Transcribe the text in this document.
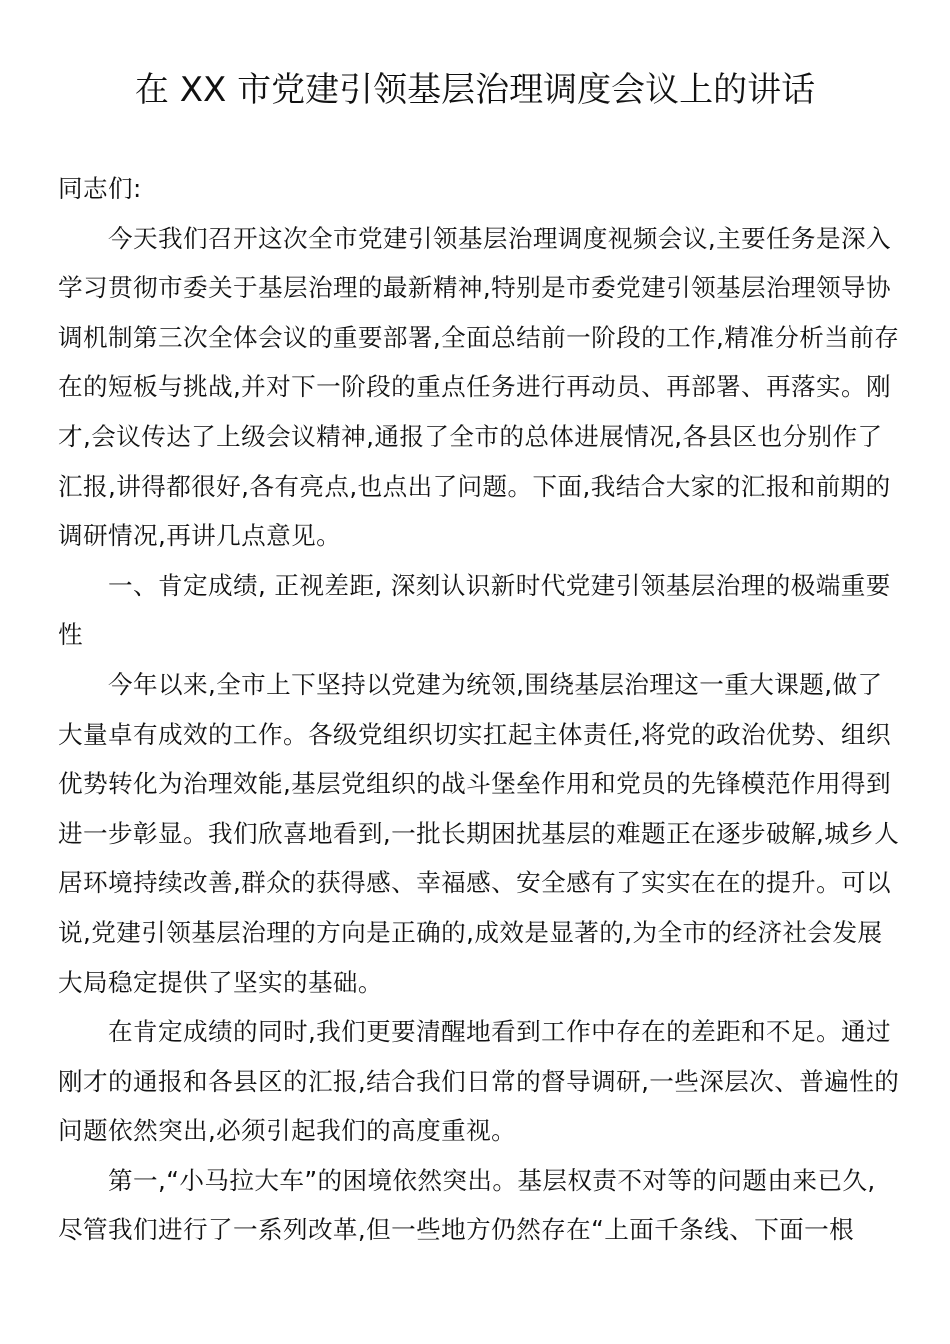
在 XX 市党建引领基层治理调度会议上的讲话
同志们:
今天我们召开这次全市党建引领基层治理调度视频会议,主要任务是深入
学习贯彻市委关于基层治理的最新精神,特别是市委党建引领基层治理领导协
调机制第三次全体会议的重要部署,全面总结前一阶段的工作,精准分析当前存
在的短板与挑战,并对下一阶段的重点任务进行再动员、再部署、再落实。刚
才,会议传达了上级会议精神,通报了全市的总体进展情况,各县区也分别作了
汇报,讲得都很好,各有亮点,也点出了问题。下面,我结合大家的汇报和前期的
调研情况,再讲几点意见。
一、肯定成绩, 正视差距, 深刻认识新时代党建引领基层治理的极端重要
性
今年以来,全市上下坚持以党建为统领,围绕基层治理这一重大课题,做了
大量卓有成效的工作。各级党组织切实扛起主体责任,将党的政治优势、组织
优势转化为治理效能,基层党组织的战斗堡垒作用和党员的先锋模范作用得到
进一步彰显。我们欣喜地看到,一批长期困扰基层的难题正在逐步破解,城乡人
居环境持续改善,群众的获得感、幸福感、安全感有了实实在在的提升。可以
说,党建引领基层治理的方向是正确的,成效是显著的,为全市的经济社会发展
大局稳定提供了坚实的基础。
在肯定成绩的同时,我们更要清醒地看到工作中存在的差距和不足。通过
刚才的通报和各县区的汇报,结合我们日常的督导调研,一些深层次、普遍性的
问题依然突出,必须引起我们的高度重视。
第一,“小马拉大车”的困境依然突出。基层权责不对等的问题由来已久,
尽管我们进行了一系列改革,但一些地方仍然存在“上面千条线、下面一根
